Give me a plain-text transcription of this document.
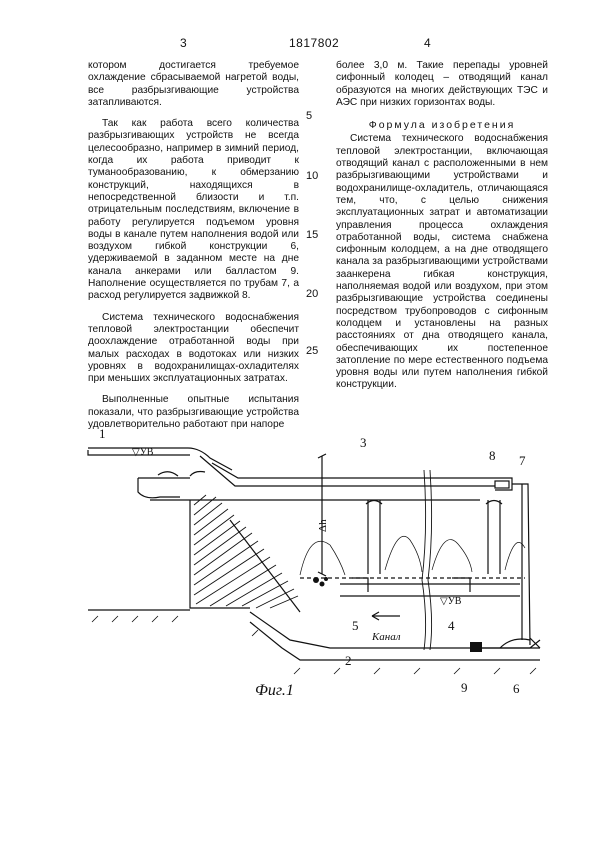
3	1817802	4

котором достигается требуемое охлаждение сбрасываемой нагретой воды, все разбрызгивающие устройства затапливаются.

Так как работа всего количества разбрызгивающих устройств не всегда целесообразно, например в зимний период, когда их работа приводит к туманообразованию, к обмерзанию конструкций, находящихся в непосредственной близости и т.п. отрицательным последствиям, включение в работу регулируется подъемом уровня воды в канале путем наполнения водой или воздухом гибкой конструкции 6, удерживаемой в заданном месте на дне канала анкерами или балластом 9. Наполнение осуществляется по трубам 7, а расход регулируется задвижкой 8.

Система технического водоснабжения тепловой электростанции обеспечит доохлаждение отработанной воды при малых расходах в водотоках или низких уровнях в водохранилищах-охладителях при меньших эксплуатационных затратах.

Выполненные опытные испытания показали, что разбрызгивающие устройства удовлетворительно работают при напоре

5
10
15
20
25

более 3,0 м. Такие перепады уровней сифонный колодец – отводящий канал образуются на многих действующих ТЭС и АЭС при низких горизонтах воды.

Формула изобретения

Система технического водоснабжения тепловой электростанции, включающая отводящий канал с расположенными в нем разбрызгивающими устройствами и водохранилище-охладитель, отличающаяся тем, что, с целью снижения эксплуатационных затрат и автоматизации управления процесса охлаждения отработанной воды, система снабжена сифонным колодцем, а на дне отводящего канала за разбрызгивающими устройствами заанкерена гибкая конструкция, наполняемая водой или воздухом, при этом разбрызгивающие устройства соединены посредством трубопроводов с сифонным колодцем и установлены на разных расстояниях от дна отводящего канала, обеспечивающих их постепенное затопление по мере естественного подъема уровня воды или путем наполнения гибкой конструкции.

1
2
3
4
5
6
7
8
9
▽УВ
▽УВ
Δh
Канал
Фиг.1
